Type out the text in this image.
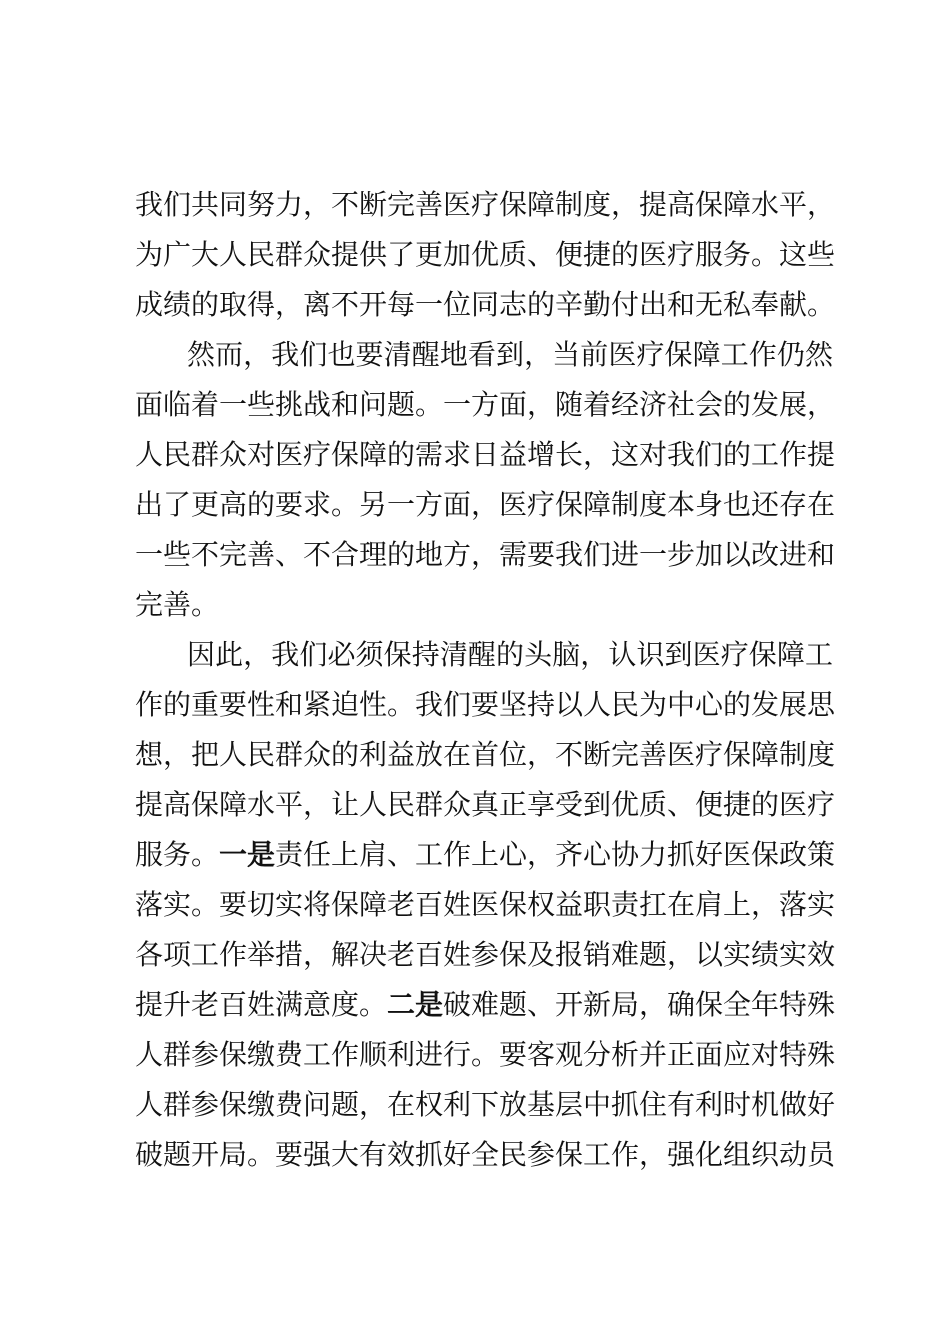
我们共同努力，不断完善医疗保障制度，提高保障水平，
为广大人民群众提供了更加优质、便捷的医疗服务。这些
成绩的取得，离不开每一位同志的辛勤付出和无私奉献。
然而，我们也要清醒地看到，当前医疗保障工作仍然
面临着一些挑战和问题。一方面，随着经济社会的发展，
人民群众对医疗保障的需求日益增长，这对我们的工作提
出了更高的要求。另一方面，医疗保障制度本身也还存在
一些不完善、不合理的地方，需要我们进一步加以改进和
完善。
因此，我们必须保持清醒的头脑，认识到医疗保障工
作的重要性和紧迫性。我们要坚持以人民为中心的发展思
想，把人民群众的利益放在首位，不断完善医疗保障制度
提高保障水平，让人民群众真正享受到优质、便捷的医疗
服务。一是责任上肩、工作上心，齐心协力抓好医保政策
落实。要切实将保障老百姓医保权益职责扛在肩上，落实
各项工作举措，解决老百姓参保及报销难题，以实绩实效
提升老百姓满意度。二是破难题、开新局，确保全年特殊
人群参保缴费工作顺利进行。要客观分析并正面应对特殊
人群参保缴费问题，在权利下放基层中抓住有利时机做好
破题开局。要强大有效抓好全民参保工作，强化组织动员
